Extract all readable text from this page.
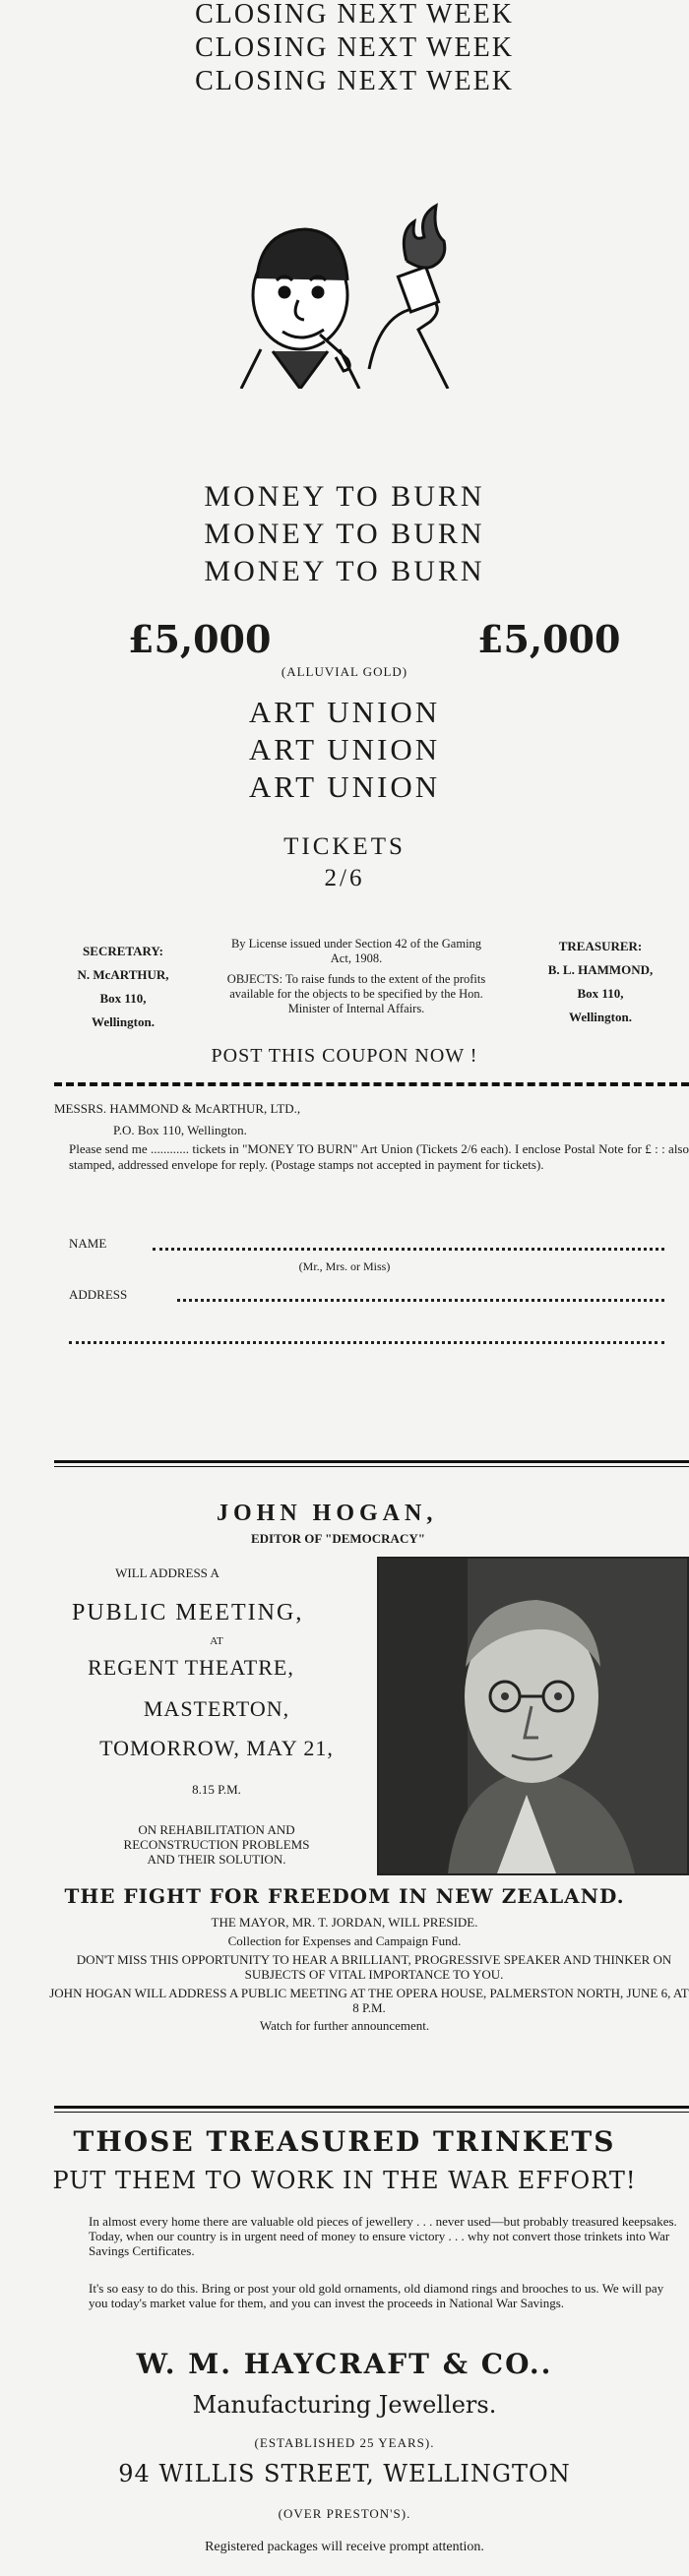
CLOSING NEXT WEEK
CLOSING NEXT WEEK
CLOSING NEXT WEEK
MONEY TO BURN
MONEY TO BURN
MONEY TO BURN
£5,000	£5,000
(ALLUVIAL GOLD)
ART UNION
ART UNION
ART UNION
TICKETS
2/6
SECRETARY:
N. McARTHUR,
Box 110,
Wellington.
By License issued under Section 42 of the Gaming Act, 1908.
OBJECTS: To raise funds to the extent of the profits available for the objects to be specified by the Hon. Minister of Internal Affairs.
TREASURER:
B. L. HAMMOND,
Box 110,
Wellington.
POST THIS COUPON NOW !
MESSRS. HAMMOND & McARTHUR, LTD.,
P.O. Box 110, Wellington.
Please send me ............ tickets in "MONEY TO BURN" Art Union (Tickets 2/6 each). I enclose Postal Note for £ : : also stamped, addressed envelope for reply. (Postage stamps not accepted in payment for tickets).
NAME
(Mr., Mrs. or Miss)
ADDRESS
JOHN HOGAN,
EDITOR OF "DEMOCRACY"
WILL ADDRESS A
PUBLIC MEETING,
AT
REGENT THEATRE,
MASTERTON,
TOMORROW, MAY 21,
8.15 P.M.
ON REHABILITATION AND RECONSTRUCTION PROBLEMS AND THEIR SOLUTION.
THE FIGHT FOR FREEDOM IN NEW ZEALAND.
THE MAYOR, MR. T. JORDAN, WILL PRESIDE.
Collection for Expenses and Campaign Fund.
DON'T MISS THIS OPPORTUNITY TO HEAR A BRILLIANT, PROGRESSIVE SPEAKER AND THINKER ON SUBJECTS OF VITAL IMPORTANCE TO YOU.
JOHN HOGAN WILL ADDRESS A PUBLIC MEETING AT THE OPERA HOUSE, PALMERSTON NORTH, JUNE 6, AT 8 P.M.
Watch for further announcement.
THOSE TREASURED TRINKETS
PUT THEM TO WORK IN THE WAR EFFORT!
In almost every home there are valuable old pieces of jewellery . . . never used—but probably treasured keepsakes. Today, when our country is in urgent need of money to ensure victory . . . why not convert those trinkets into War Savings Certificates.
It's so easy to do this. Bring or post your old gold ornaments, old diamond rings and brooches to us. We will pay you today's market value for them, and you can invest the proceeds in National War Savings.
W. M. HAYCRAFT & CO..
Manufacturing Jewellers.
(ESTABLISHED 25 YEARS).
94 WILLIS STREET, WELLINGTON
(OVER PRESTON'S).
Registered packages will receive prompt attention.
